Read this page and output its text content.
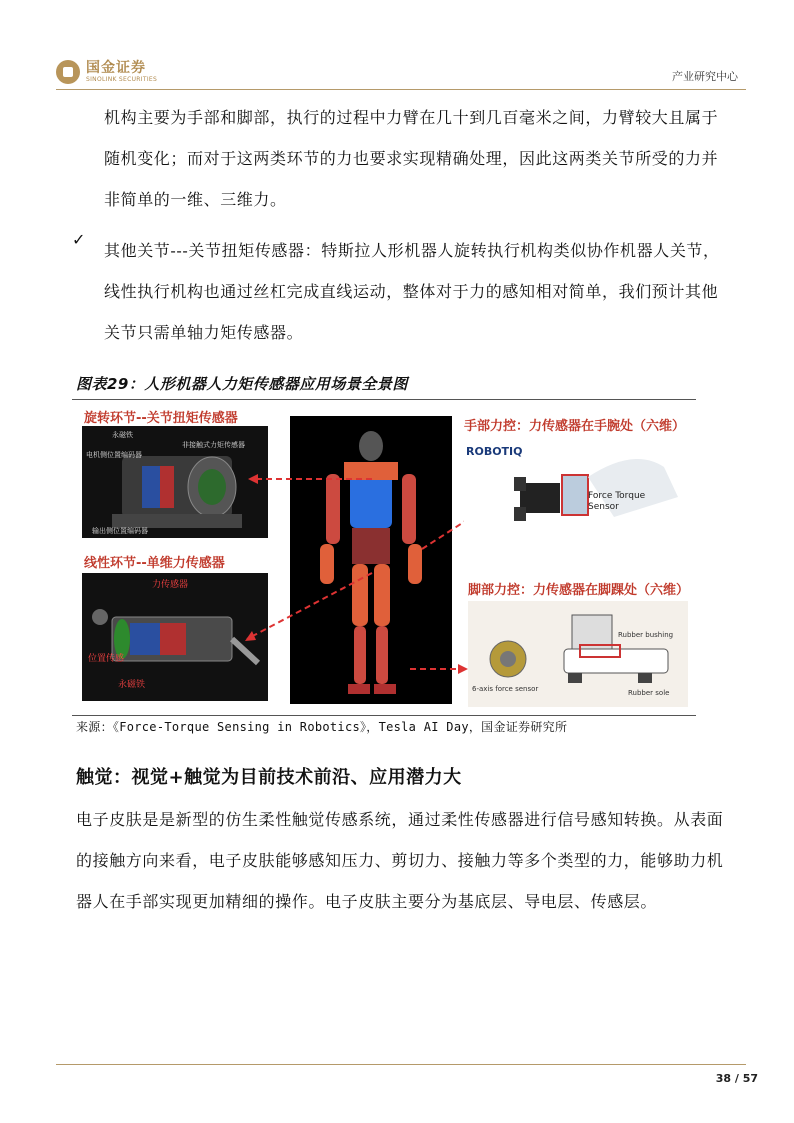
国金证券
SINOLINK SECURITIES	产业研究中心
机构主要为手部和脚部，执行的过程中力臂在几十到几百毫米之间，力臂较大且属于随机变化；而对于这两类环节的力也要求实现精确处理，因此这两类关节所受的力并非简单的一维、三维力。
✓
其他关节---关节扭矩传感器：特斯拉人形机器人旋转执行机构类似协作机器人关节，线性执行机构也通过丝杠完成直线运动，整体对于力的感知相对简单，我们预计其他关节只需单轴力矩传感器。
图表29：人形机器人力矩传感器应用场景全景图
旋转环节--关节扭矩传感器
永磁铁
非接触式力矩传感器
电机侧位置编码器
输出侧位置编码器
线性环节--单维力传感器
力传感器
位置传感
永磁铁
手部力控：力传感器在手腕处（六维）
ROBOTIQ
Force Torque Sensor
脚部力控：力传感器在脚踝处（六维）
Rubber bushing
6-axis force sensor	Rubber sole
来源：《Force-Torque Sensing in Robotics》，Tesla AI Day，国金证券研究所
触觉：视觉+触觉为目前技术前沿、应用潜力大
电子皮肤是是新型的仿生柔性触觉传感系统，通过柔性传感器进行信号感知转换。从表面的接触方向来看，电子皮肤能够感知压力、剪切力、接触力等多个类型的力，能够助力机器人在手部实现更加精细的操作。电子皮肤主要分为基底层、导电层、传感层。
38 / 57
